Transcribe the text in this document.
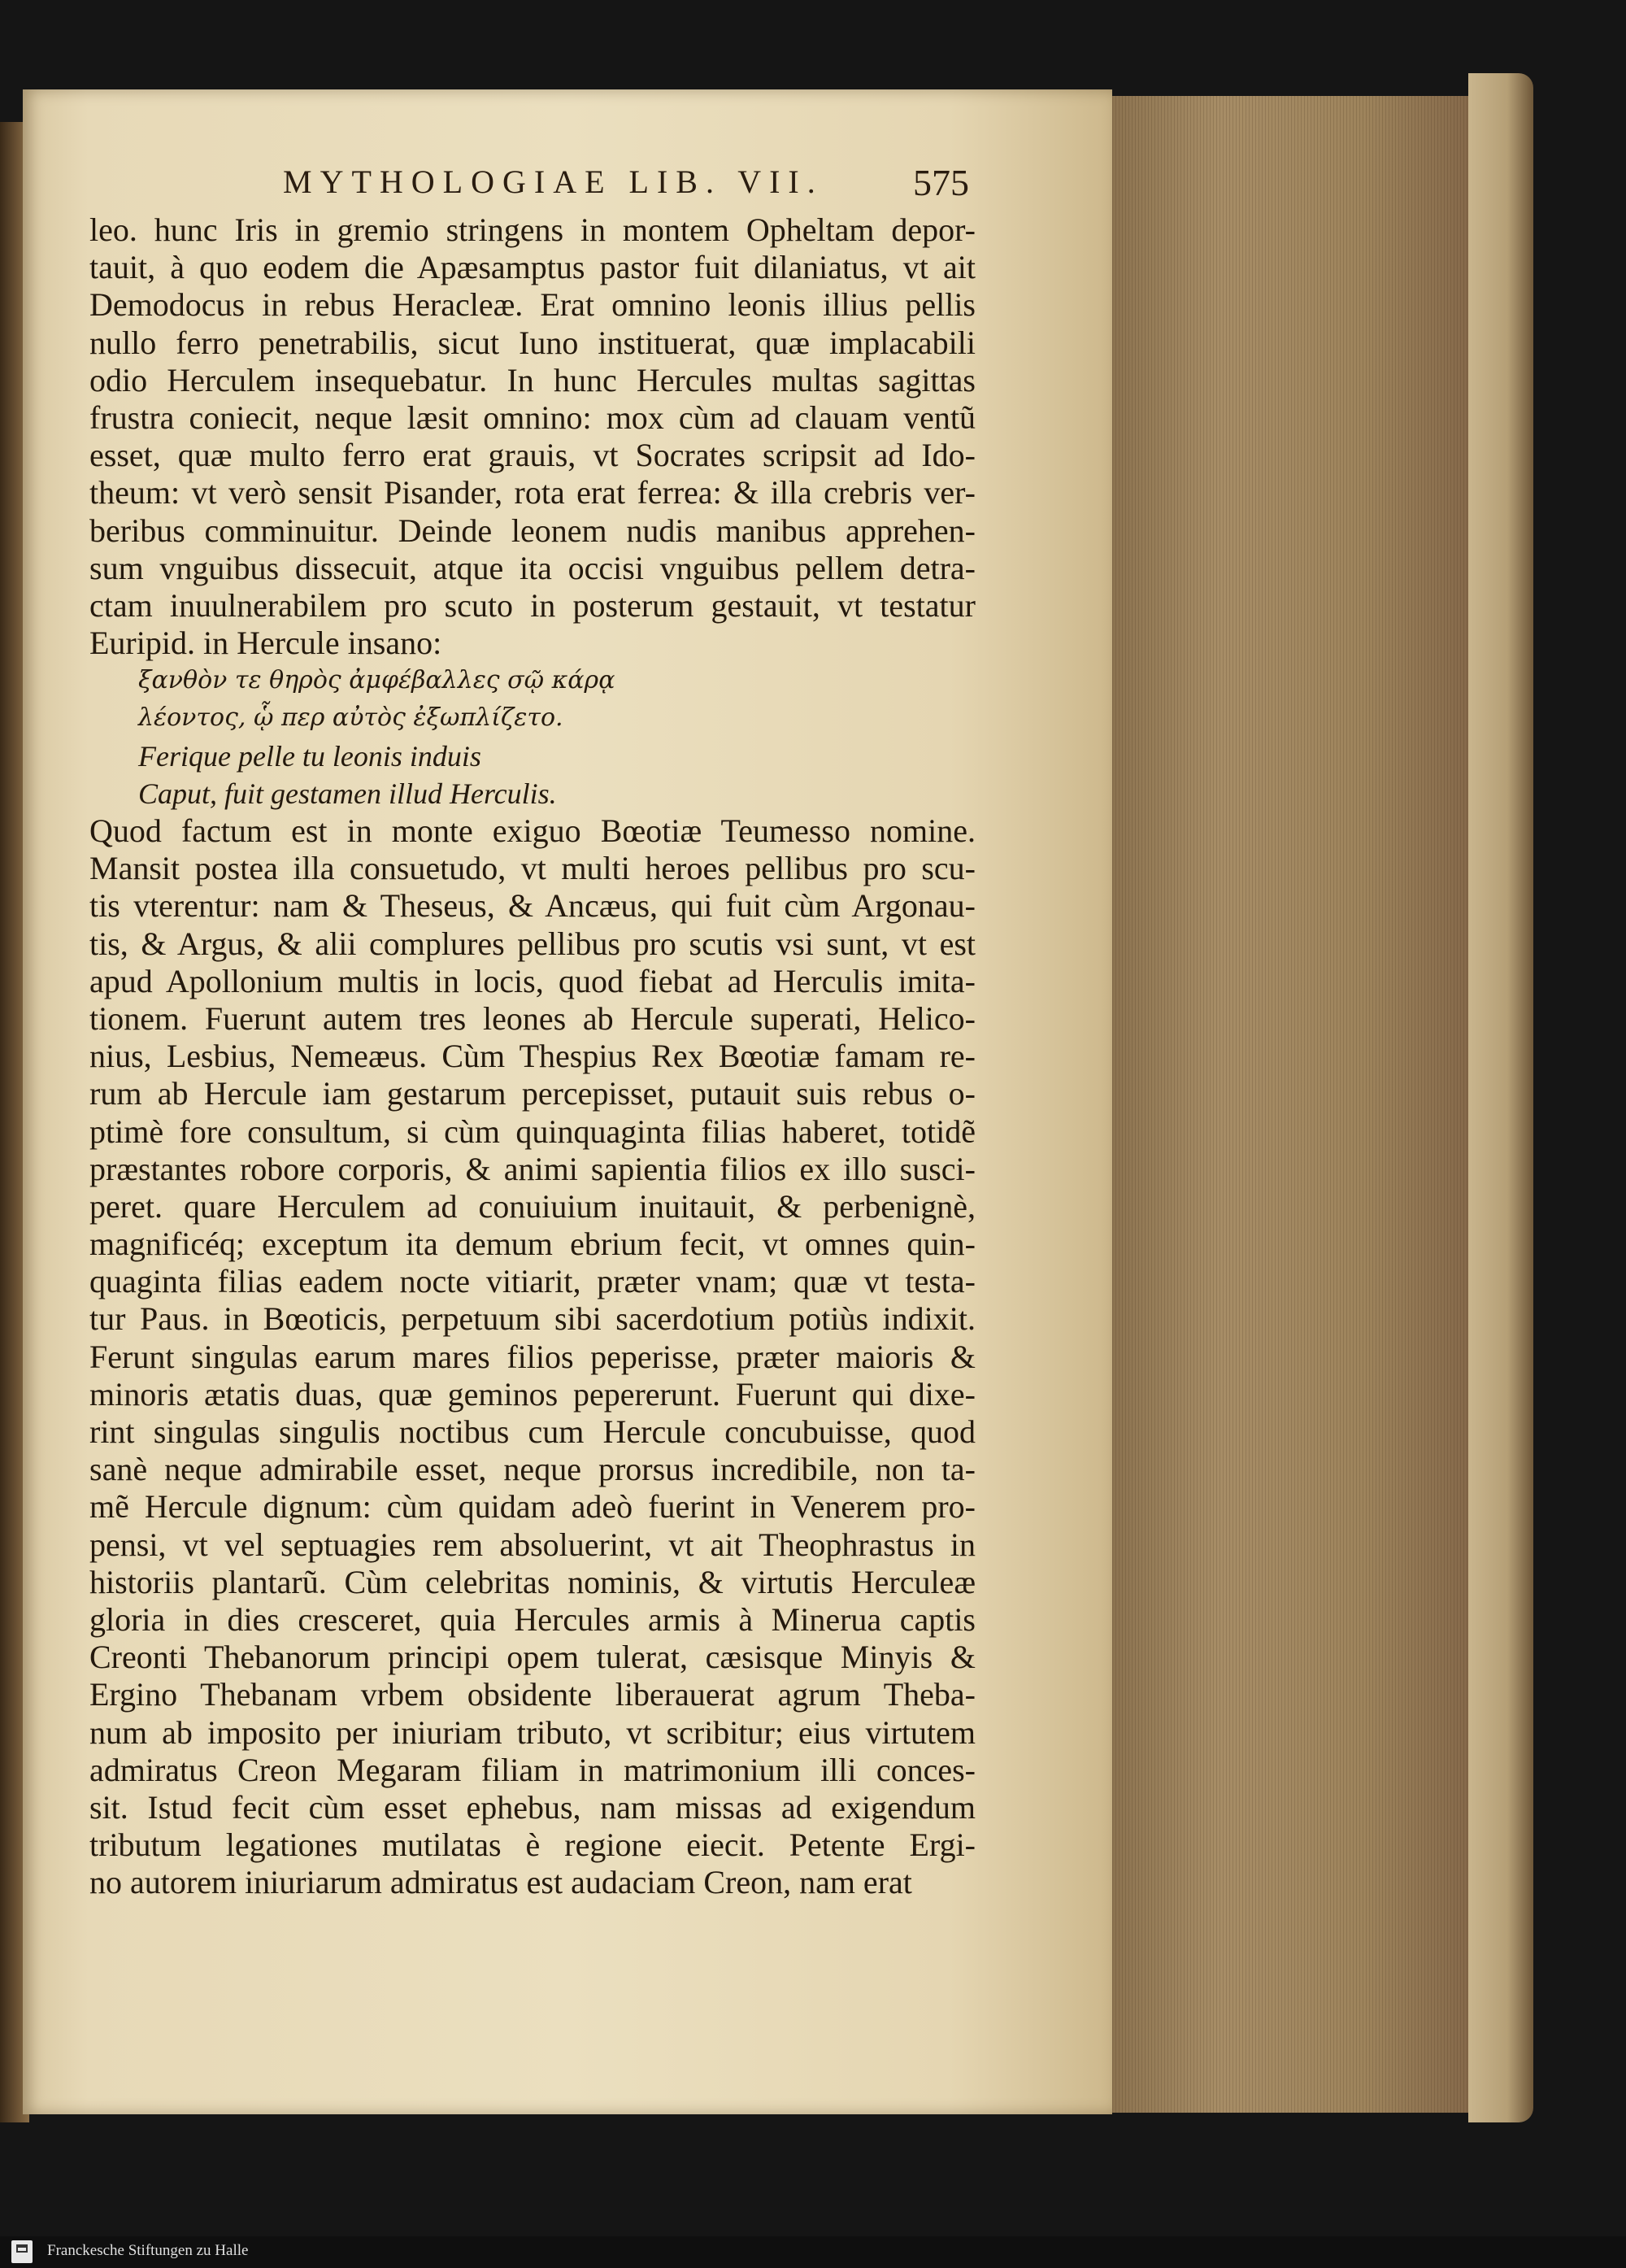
MYTHOLOGIAE LIB. VII. 575
leo. hunc Iris in gremio stringens in montem Opheltam depor-
tauit, à quo eodem die Apæsamptus pastor fuit dilaniatus, vt ait
Demodocus in rebus Heracleæ. Erat omnino leonis illius pellis
nullo ferro penetrabilis, sicut Iuno instituerat, quæ implacabili
odio Herculem insequebatur. In hunc Hercules multas sagittas
frustra coniecit, neque læsit omnino: mox cùm ad clauam ventũ
esset, quæ multo ferro erat grauis, vt Socrates scripsit ad Ido-
theum: vt verò sensit Pisander, rota erat ferrea: & illa crebris ver-
beribus comminuitur. Deinde leonem nudis manibus apprehen-
sum vnguibus dissecuit, atque ita occisi vnguibus pellem detra-
ctam inuulnerabilem pro scuto in posterum gestauit, vt testatur
Euripid. in Hercule insano:
ξανθὸν τε θηρὸς ἀμφέβαλλες σῷ κάρᾳ
λέοντος, ᾧ περ αὐτὸς ἐξωπλίζετο.
Ferique pelle tu leonis induis
Caput, fuit gestamen illud Herculis.
Quod factum est in monte exiguo Bœotiæ Teumesso nomine.
Mansit postea illa consuetudo, vt multi heroes pellibus pro scu-
tis vterentur: nam & Theseus, & Ancæus, qui fuit cùm Argonau-
tis, & Argus, & alii complures pellibus pro scutis vsi sunt, vt est
apud Apollonium multis in locis, quod fiebat ad Herculis imita-
tionem. Fuerunt autem tres leones ab Hercule superati, Helico-
nius, Lesbius, Nemeæus. Cùm Thespius Rex Bœotiæ famam re-
rum ab Hercule iam gestarum percepisset, putauit suis rebus o-
ptimè fore consultum, si cùm quinquaginta filias haberet, totidẽ
præstantes robore corporis, & animi sapientia filios ex illo susci-
peret. quare Herculem ad conuiuium inuitauit, & perbenignè,
magnificéq; exceptum ita demum ebrium fecit, vt omnes quin-
quaginta filias eadem nocte vitiarit, præter vnam; quæ vt testa-
tur Paus. in Bœoticis, perpetuum sibi sacerdotium potiùs indixit.
Ferunt singulas earum mares filios peperisse, præter maioris &
minoris ætatis duas, quæ geminos pepererunt. Fuerunt qui dixe-
rint singulas singulis noctibus cum Hercule concubuisse, quod
sanè neque admirabile esset, neque prorsus incredibile, non ta-
mẽ Hercule dignum: cùm quidam adeò fuerint in Venerem pro-
pensi, vt vel septuagies rem absoluerint, vt ait Theophrastus in
historiis plantarũ. Cùm celebritas nominis, & virtutis Herculeæ
gloria in dies cresceret, quia Hercules armis à Minerua captis
Creonti Thebanorum principi opem tulerat, cæsisque Minyis &
Ergino Thebanam vrbem obsidente liberauerat agrum Theba-
num ab imposito per iniuriam tributo, vt scribitur; eius virtutem
admiratus Creon Megaram filiam in matrimonium illi conces-
sit. Istud fecit cùm esset ephebus, nam missas ad exigendum
tributum legationes mutilatas è regione eiecit. Petente Ergi-
no autorem iniuriarum admiratus est audaciam Creon, nam erat
Franckesche Stiftungen zu Halle
